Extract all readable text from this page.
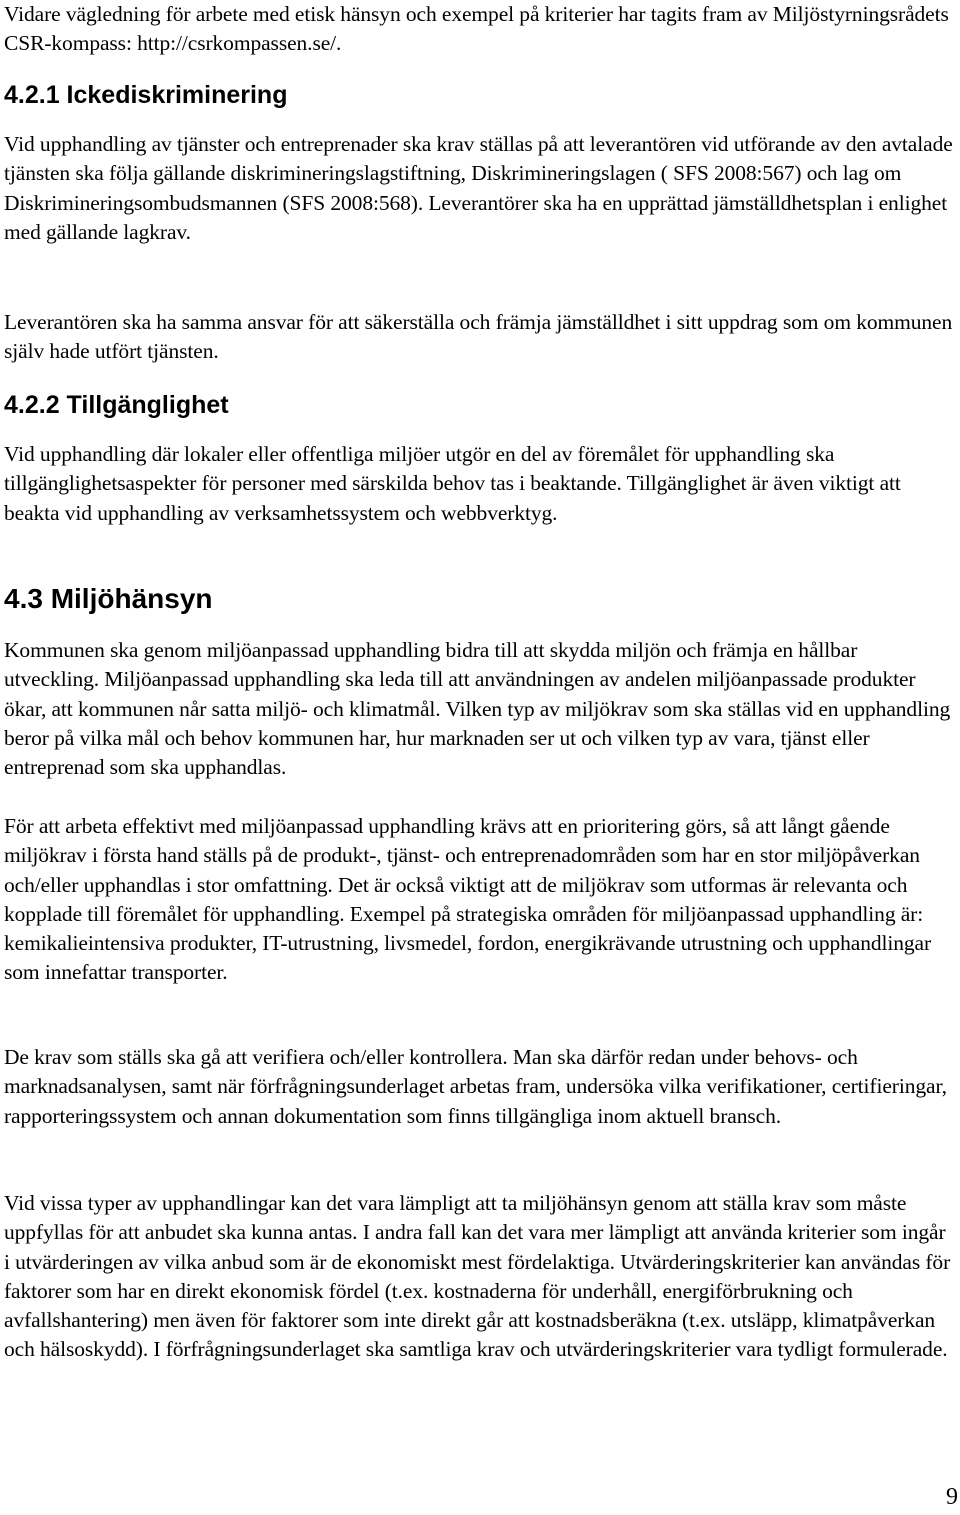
Vidare vägledning för arbete med etisk hänsyn och exempel på kriterier har tagits fram av Miljöstyrningsrådets CSR-kompass: http://csrkompassen.se/.

4.2.1 Ickediskriminering

Vid upphandling av tjänster och entreprenader ska krav ställas på att leverantören vid utförande av den avtalade tjänsten ska följa gällande diskrimineringslagstiftning, Diskrimineringslagen ( SFS 2008:567) och lag om Diskrimineringsombudsmannen (SFS 2008:568). Leverantörer ska ha en upprättad jämställdhetsplan i enlighet med gällande lagkrav.

Leverantören ska ha samma ansvar för att säkerställa och främja jämställdhet i sitt uppdrag som om kommunen själv hade utfört tjänsten.

4.2.2 Tillgänglighet

Vid upphandling där lokaler eller offentliga miljöer utgör en del av föremålet för upphandling ska tillgänglighetsaspekter för personer med särskilda behov tas i beaktande. Tillgänglighet är även viktigt att beakta vid upphandling av verksamhetssystem och webbverktyg.

4.3 Miljöhänsyn

Kommunen ska genom miljöanpassad upphandling bidra till att skydda miljön och främja en hållbar utveckling. Miljöanpassad upphandling ska leda till att användningen av andelen miljöanpassade produkter ökar, att kommunen når satta miljö- och klimatmål. Vilken typ av miljökrav som ska ställas vid en upphandling beror på vilka mål och behov kommunen har, hur marknaden ser ut och vilken typ av vara, tjänst eller entreprenad som ska upphandlas.

För att arbeta effektivt med miljöanpassad upphandling krävs att en prioritering görs, så att långt gående miljökrav i första hand ställs på de produkt-, tjänst- och entreprenadområden som har en stor miljöpåverkan och/eller upphandlas i stor omfattning. Det är också viktigt att de miljökrav som utformas är relevanta och kopplade till föremålet för upphandling. Exempel på strategiska områden för miljöanpassad upphandling är: kemikalieintensiva produkter, IT-utrustning, livsmedel, fordon, energikrävande utrustning och upphandlingar som innefattar transporter.

De krav som ställs ska gå att verifiera och/eller kontrollera. Man ska därför redan under behovs- och marknadsanalysen, samt när förfrågningsunderlaget arbetas fram, undersöka vilka verifikationer, certifieringar, rapporteringssystem och annan dokumentation som finns tillgängliga inom aktuell bransch.

Vid vissa typer av upphandlingar kan det vara lämpligt att ta miljöhänsyn genom att ställa krav som måste uppfyllas för att anbudet ska kunna antas. I andra fall kan det vara mer lämpligt att använda kriterier som ingår i utvärderingen av vilka anbud som är de ekonomiskt mest fördelaktiga. Utvärderingskriterier kan användas för faktorer som har en direkt ekonomisk fördel (t.ex. kostnaderna för underhåll, energiförbrukning och avfallshantering) men även för faktorer som inte direkt går att kostnadsberäkna (t.ex. utsläpp, klimatpåverkan och hälsoskydd). I förfrågningsunderlaget ska samtliga krav och utvärderingskriterier vara tydligt formulerade.

9
